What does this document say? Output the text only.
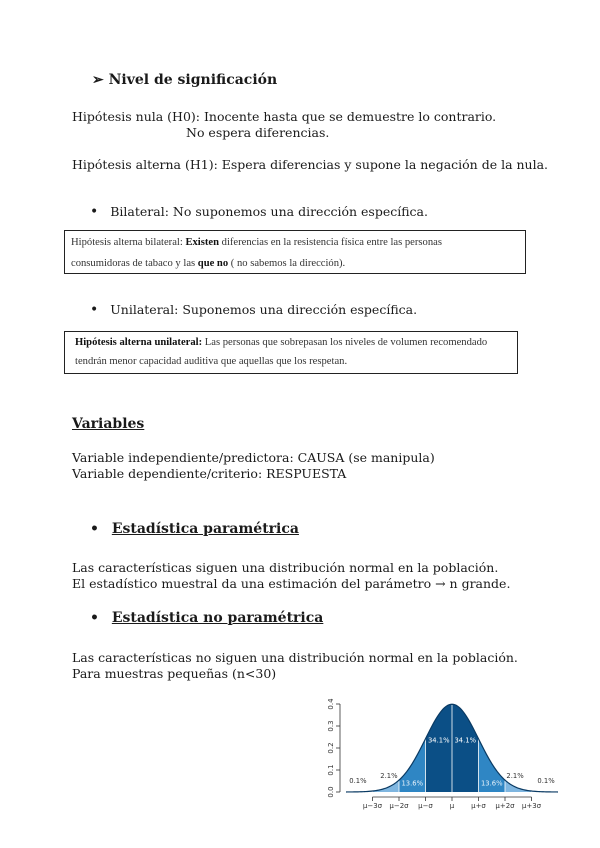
➢ Nivel de significación
Hipótesis nula (H0): Inocente hasta que se demuestre lo contrario.
No espera diferencias.
Hipótesis alterna (H1): Espera diferencias y supone la negación de la nula.
• Bilateral: No suponemos una dirección específica.
Hipótesis alterna bilateral: Existen diferencias en la resistencia física entre las personas
consumidoras de tabaco y las que no ( no sabemos la dirección).
• Unilateral: Suponemos una dirección específica.
Hipótesis alterna unilateral: Las personas que sobrepasan los niveles de volumen recomendado
tendrán menor capacidad auditiva que aquellas que los respetan.
Variables
Variable independiente/predictora: CAUSA (se manipula)
Variable dependiente/criterio: RESPUESTA
• Estadística paramétrica
Las características siguen una distribución normal en la población.
El estadístico muestral da una estimación del parámetro → n grande.
• Estadística no paramétrica
Las características no siguen una distribución normal en la población.
Para muestras pequeñas (n<30)
0.0
0.1
0.2
0.3
0.4
μ−3σ μ−2σ μ−σ μ μ+σ μ+2σ μ+3σ
34.1% 34.1%
13.6%	13.6%
2.1%	2.1%
0.1%	0.1%
